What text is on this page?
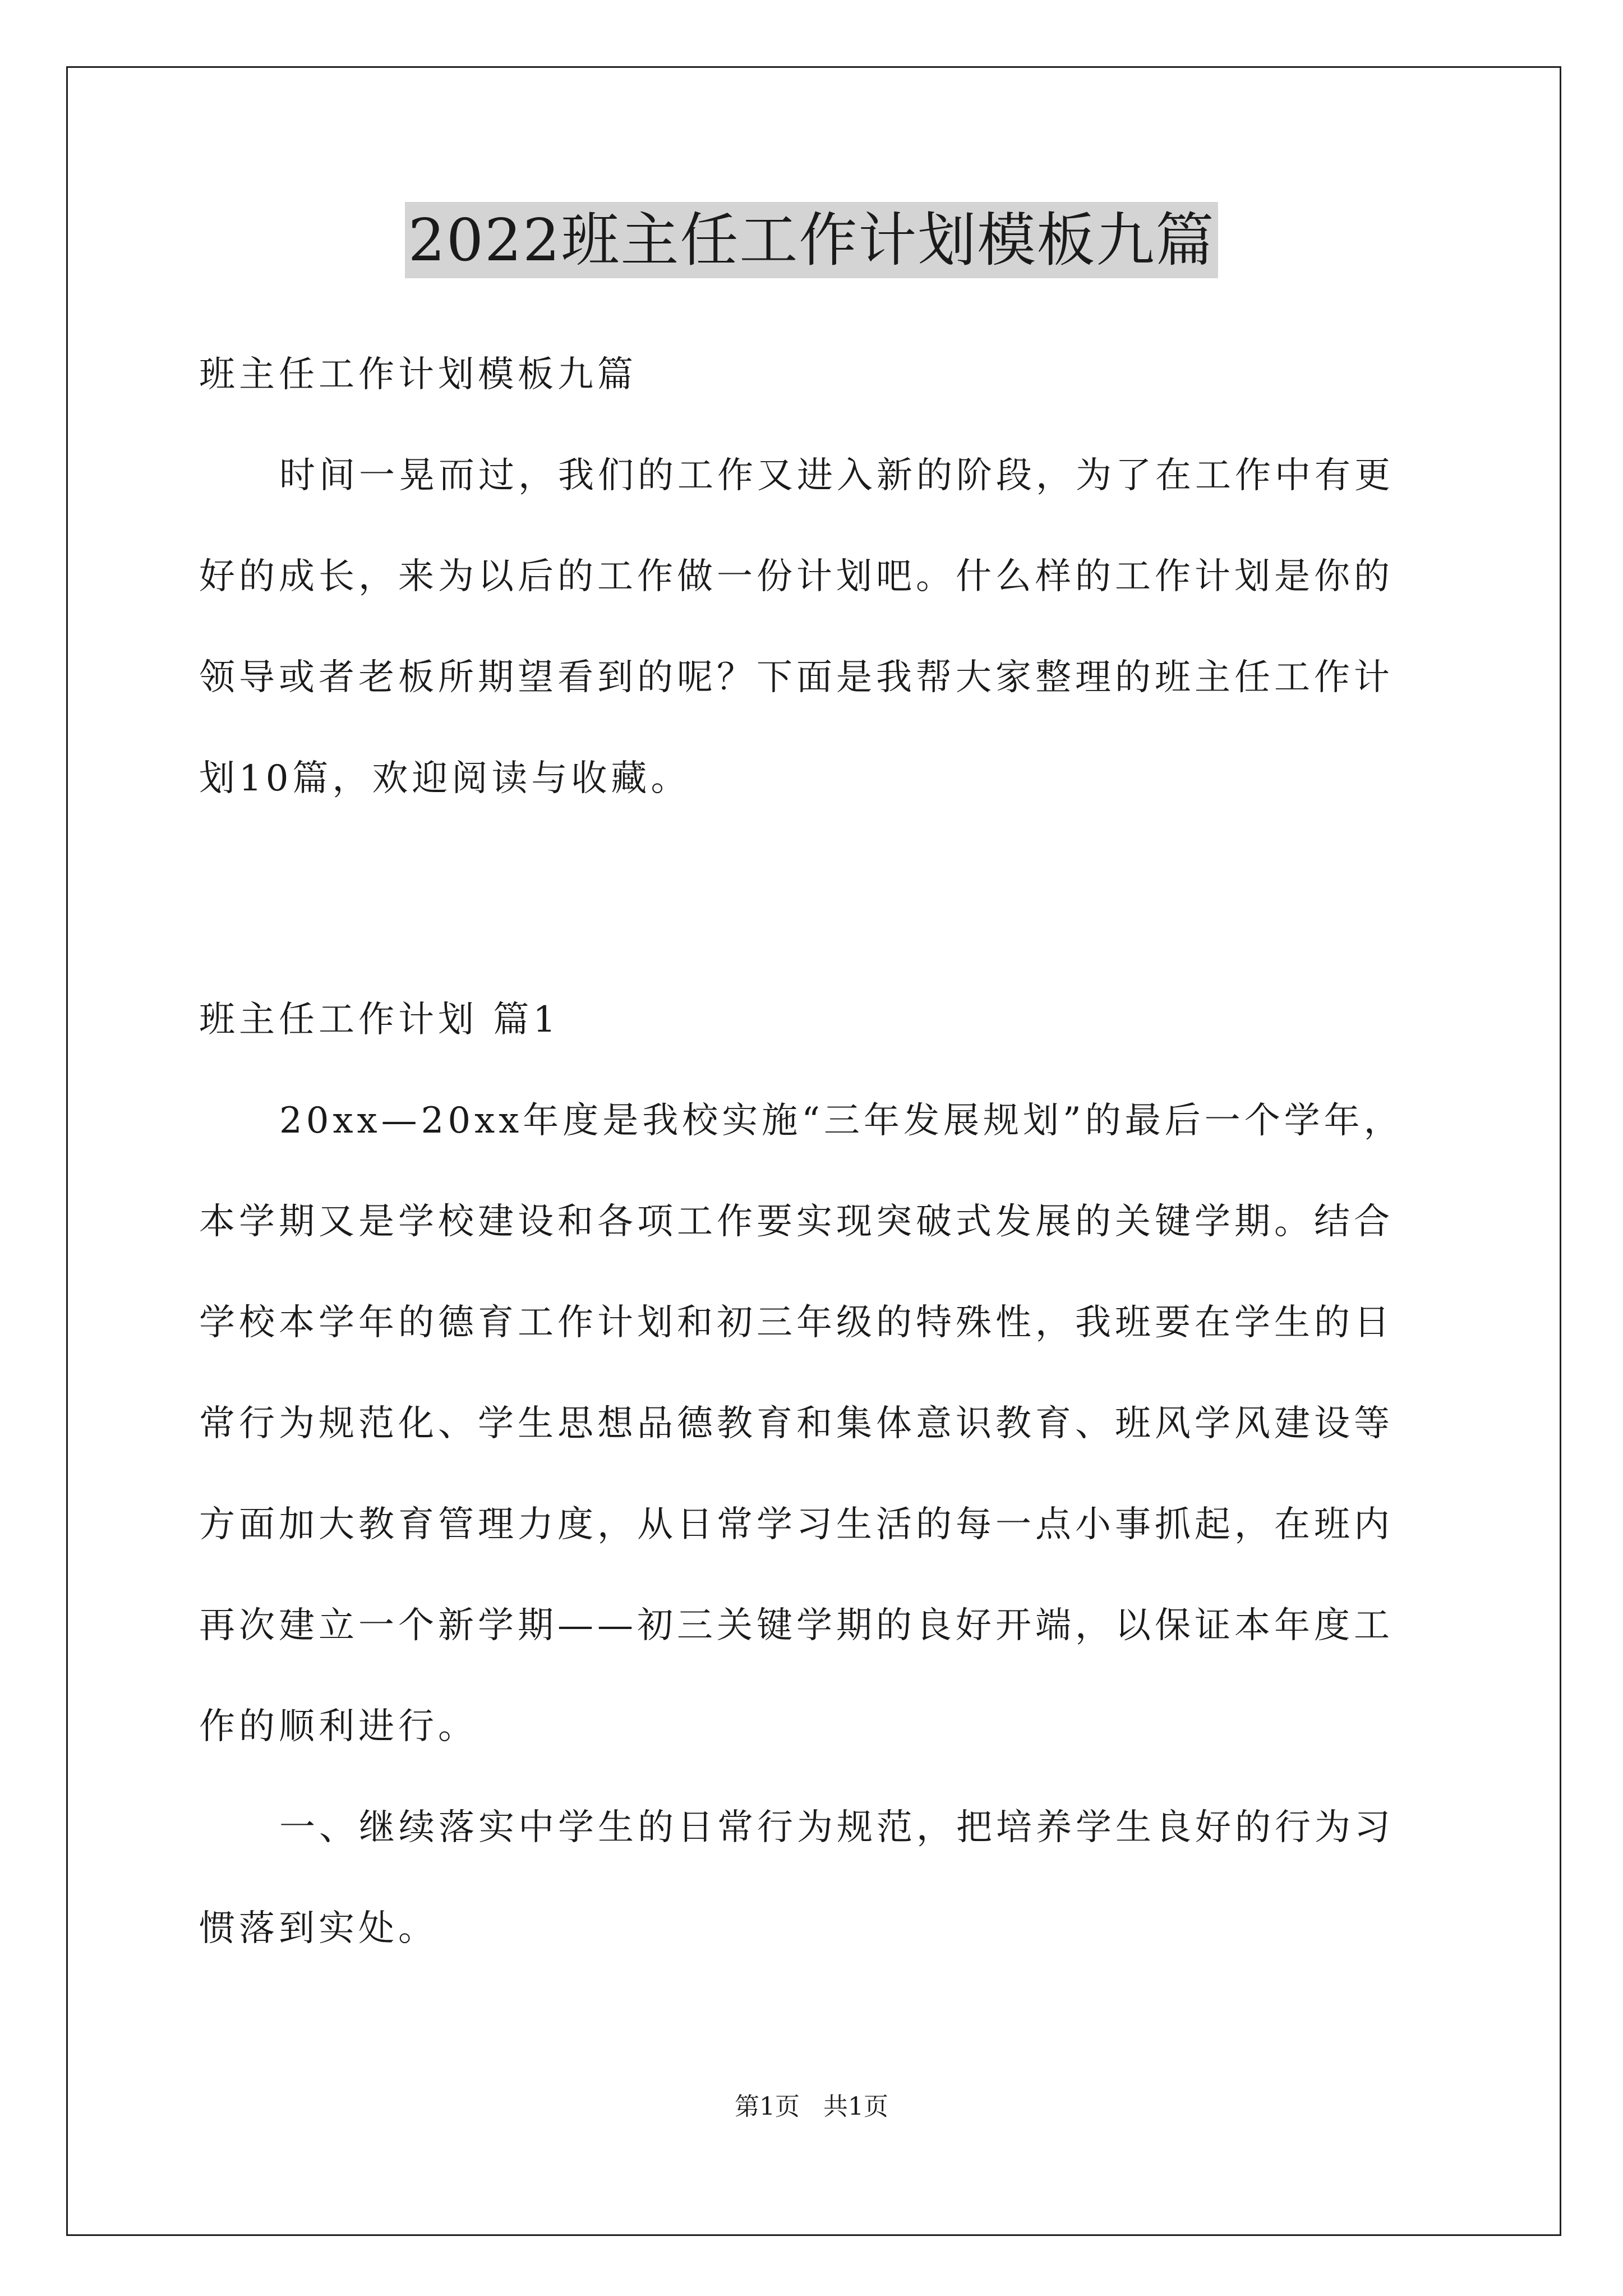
2022班主任工作计划模板九篇
班主任工作计划模板九篇
时间一晃而过，我们的工作又进入新的阶段，为了在工作中有更
好的成长，来为以后的工作做一份计划吧。什么样的工作计划是你的
领导或者老板所期望看到的呢？下面是我帮大家整理的班主任工作计
划10篇，欢迎阅读与收藏。
班主任工作计划 篇1
20xx—20xx年度是我校实施“三年发展规划”的最后一个学年，
本学期又是学校建设和各项工作要实现突破式发展的关键学期。结合
学校本学年的德育工作计划和初三年级的特殊性，我班要在学生的日
常行为规范化、学生思想品德教育和集体意识教育、班风学风建设等
方面加大教育管理力度，从日常学习生活的每一点小事抓起，在班内
再次建立一个新学期——初三关键学期的良好开端，以保证本年度工
作的顺利进行。
一、继续落实中学生的日常行为规范，把培养学生良好的行为习
惯落到实处。
第1页   共1页
